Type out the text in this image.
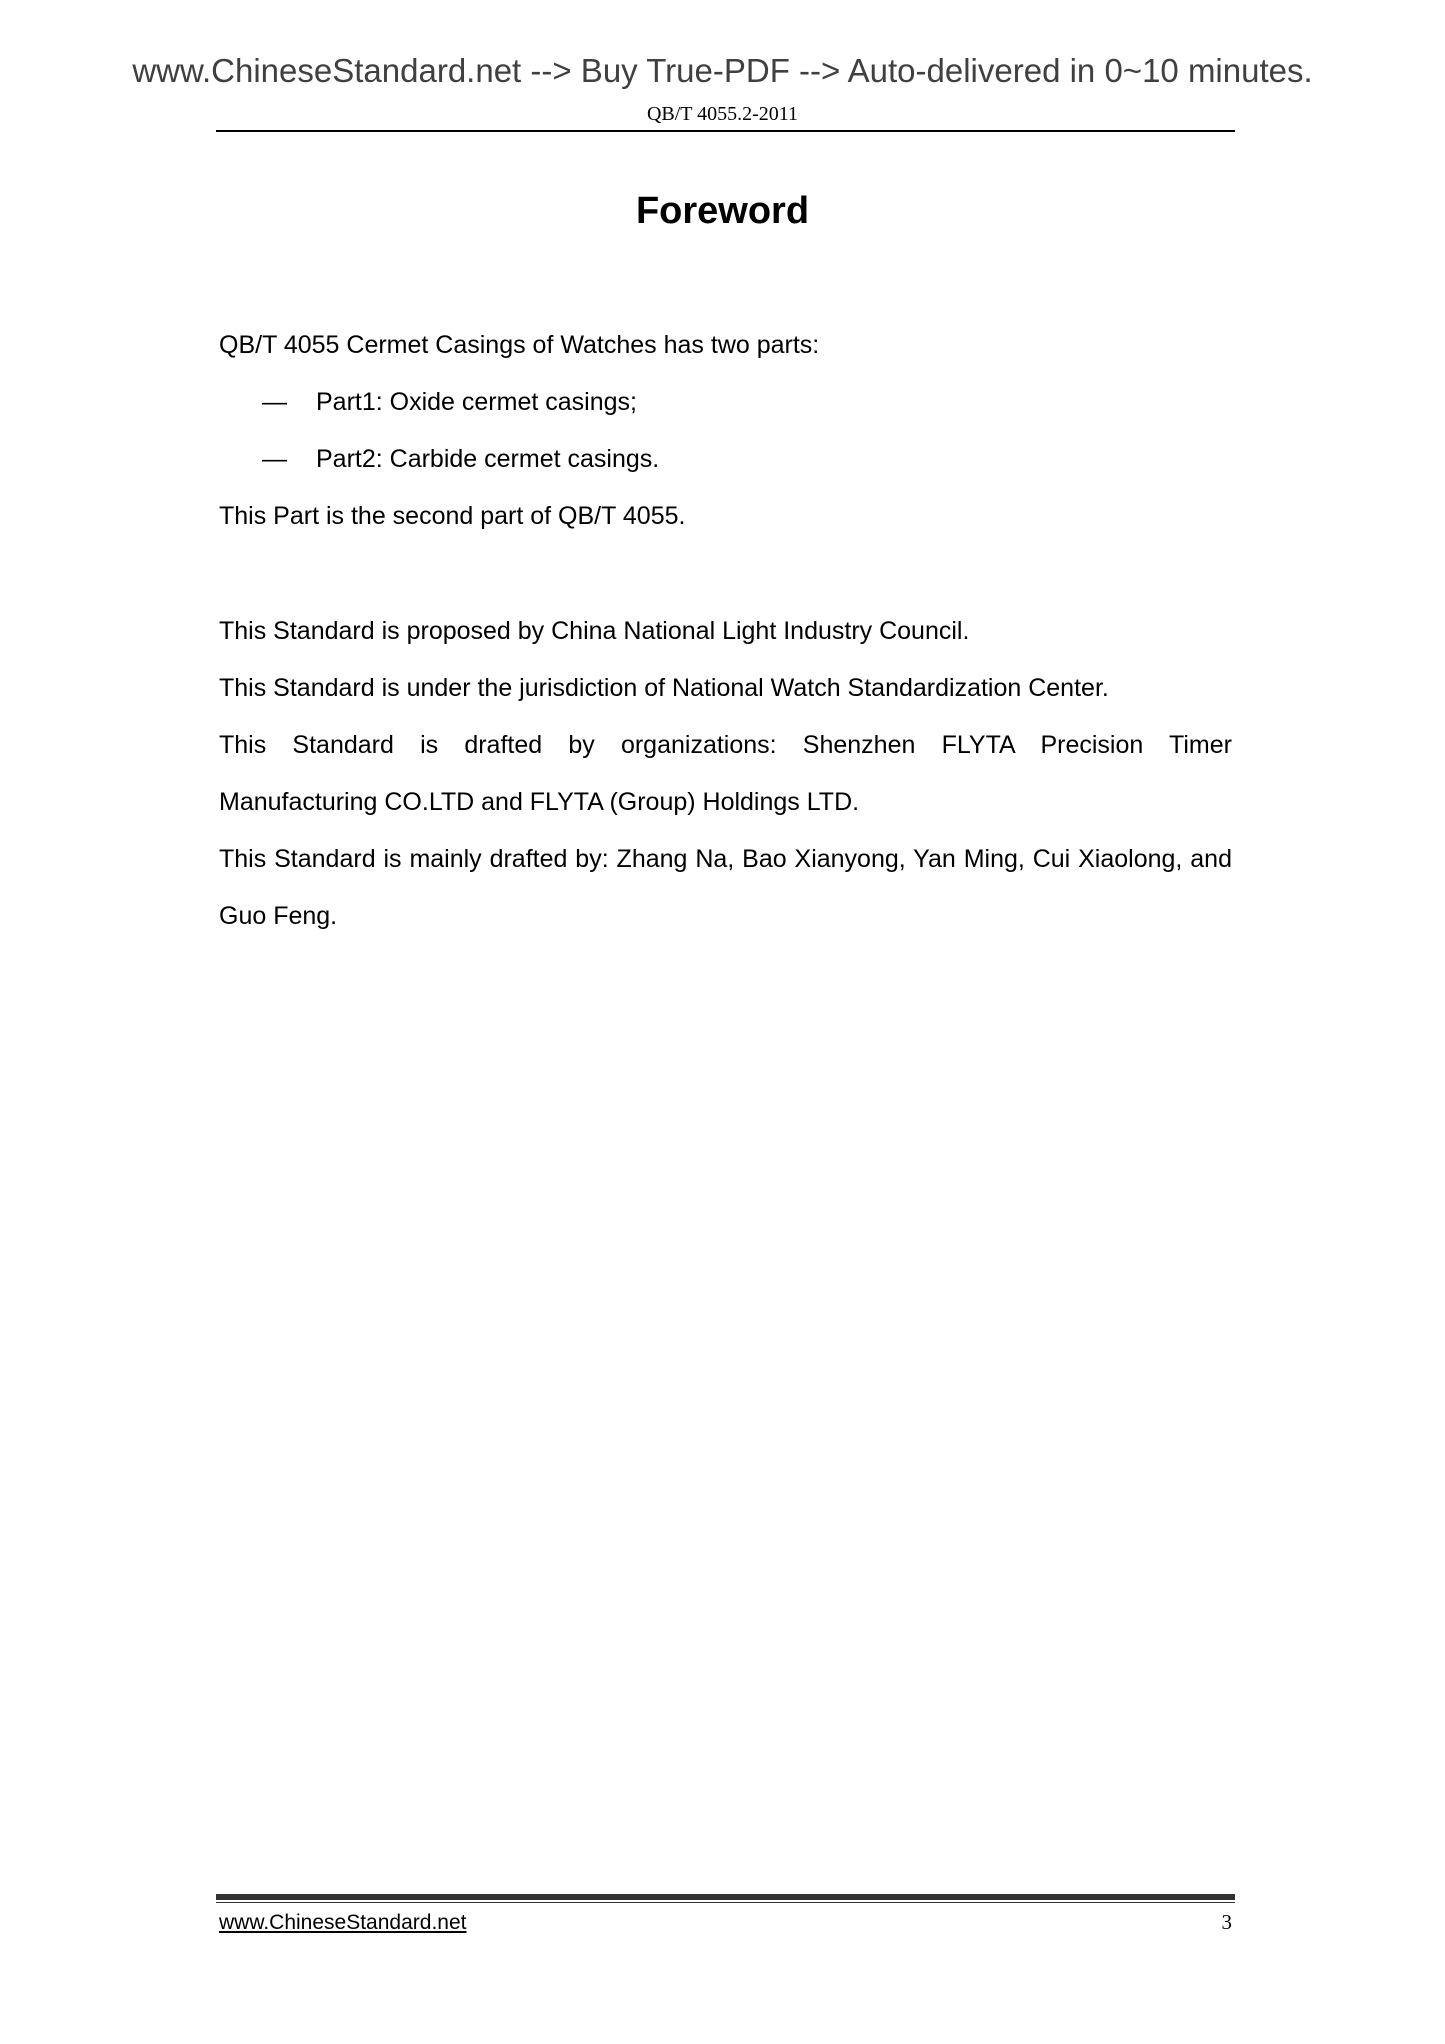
www.ChineseStandard.net --> Buy True-PDF --> Auto-delivered in 0~10 minutes.
QB/T 4055.2-2011
Foreword
QB/T 4055 Cermet Casings of Watches has two parts:
— Part1: Oxide cermet casings;
— Part2: Carbide cermet casings.
This Part is the second part of QB/T 4055.
This Standard is proposed by China National Light Industry Council.
This Standard is under the jurisdiction of National Watch Standardization Center.
This Standard is drafted by organizations: Shenzhen FLYTA Precision Timer
Manufacturing CO.LTD and FLYTA (Group) Holdings LTD.
This Standard is mainly drafted by: Zhang Na, Bao Xianyong, Yan Ming, Cui Xiaolong, and
Guo Feng.
www.ChineseStandard.net	3
